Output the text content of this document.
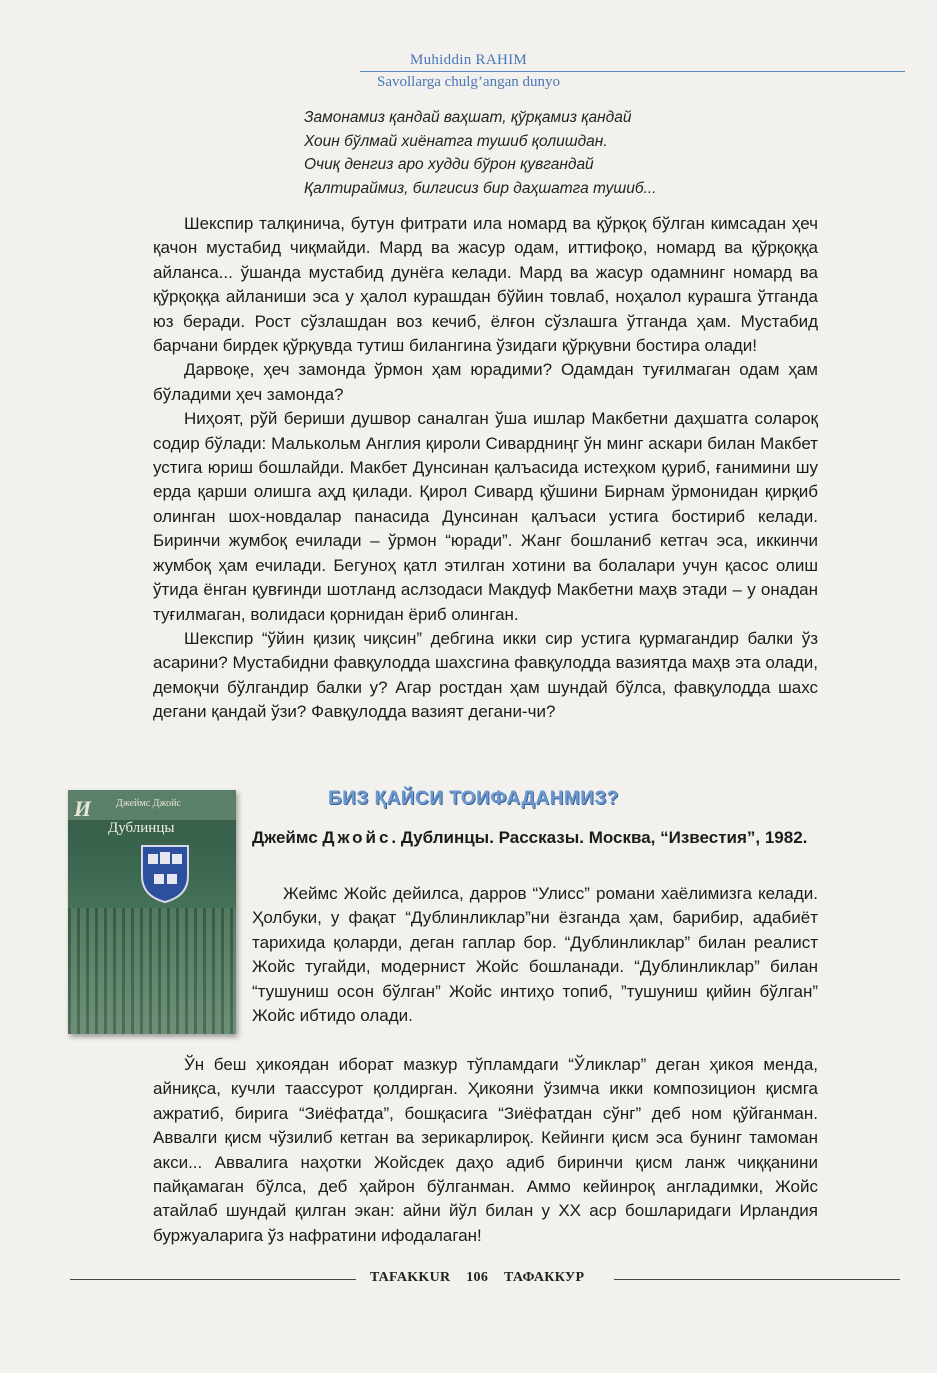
Muhiddin RAHIM
Savollarga chulg’angan dunyo
Замонамиз қандай ваҳшат, қўрқамиз қандай
Хоин бўлмай хиёнатга тушиб қолишдан.
Очиқ денгиз аро худди бўрон қувгандай
Қалтираймиз, билгисиз бир даҳшатга тушиб...

Шекспир талқинича, бутун фитрати ила номард ва қўрқоқ бўлган кимсадан ҳеч қачон мустабид чиқмайди. Мард ва жасур одам, иттифоқо, номард ва қўрқоққа айланса... ўшанда мустабид дунёга келади. Мард ва жасур одамнинг номард ва қўрқоққа айланиши эса у ҳалол курашдан бўйин товлаб, ноҳалол курашга ўтганда юз беради. Рост сўзлашдан воз кечиб, ёлғон сўзлашга ўтганда ҳам. Мустабид барчани бирдек қўрқувда тутиш билангина ўзидаги қўрқувни бостира олади!

Дарвоқе, ҳеч замонда ўрмон ҳам юрадими? Одамдан туғилмаган одам ҳам бўладими ҳеч замонда?

Ниҳоят, рўй бериши душвор саналган ўша ишлар Макбетни даҳшатга солароқ содир бўлади: Малькольм Англия қироли Сивардниңг ўн минг аскари билан Макбет устига юриш бошлайди. Макбет Дунсинан қалъасида истеҳком қуриб, ғанимини шу ерда қарши олишга аҳд қилади. Қирол Сивард қўшини Бирнам ўрмонидан қирқиб олинган шох-новдалар панасида Дунсинан қалъаси устига бостириб келади. Биринчи жумбоқ ечилади – ўрмон “юради”. Жанг бошланиб кетгач эса, иккинчи жумбоқ ҳам ечилади. Бегуноҳ қатл этилган хотини ва болалари учун қасос олиш ўтида ёнган қувғинди шотланд аслзодаси Макдуф Макбетни маҳв этади – у онадан туғилмаган, волидаси қорнидан ёриб олинган.

Шекспир “ўйин қизиқ чиқсин” дебгина икки сир устига қурмагандир балки ўз асарини? Мустабидни фавқулодда шахсгина фавқулодда вазиятда маҳв эта олади, демоқчи бўлгандир балки у? Агар ростдан ҳам шундай бўлса, фавқулодда шахс дегани қандай ўзи? Фавқулодда вазият дегани-чи?

И Джеймс Джойс
Дублинцы
БИЗ ҚАЙСИ ТОИФАДАНМИЗ?
Джеймс Джойс. Дублинцы. Рассказы. Москва, “Известия”, 1982.

Жеймс Жойс дейилса, дарров “Улисс” романи хаёлимизга келади. Ҳолбуки, у фақат “Дублинликлар”ни ёзганда ҳам, барибир, адабиёт тарихида қоларди, деган гаплар бор. “Дублинликлар” билан реалист Жойс тугайди, модернист Жойс бошланади. “Дублинликлар” билан “тушуниш осон бўлган” Жойс интиҳо топиб, ”тушуниш қийин бўлган” Жойс ибтидо олади.

Ўн беш ҳикоядан иборат мазкур тўпламдаги “Ўликлар” деган ҳикоя менда, айниқса, кучли таассурот қолдирган. Ҳикояни ўзимча икки композицион қисмга ажратиб, бирига “Зиёфатда”, бошқасига “Зиёфатдан сўнг” деб ном қўйганман. Аввалги қисм чўзилиб кетган ва зерикарлироқ. Кейинги қисм эса бунинг тамоман акси... Аввалига наҳотки Жойсдек даҳо адиб биринчи қисм ланж чиққанини пайқамаган бўлса, деб ҳайрон бўлганман. Аммо кейинроқ англадимки, Жойс атайлаб шундай қилган экан: айни йўл билан у ХХ аср бошларидаги Ирландия буржуаларига ўз нафратини ифодалаган!

TAFAKKUR 106 ТАФАККУР
